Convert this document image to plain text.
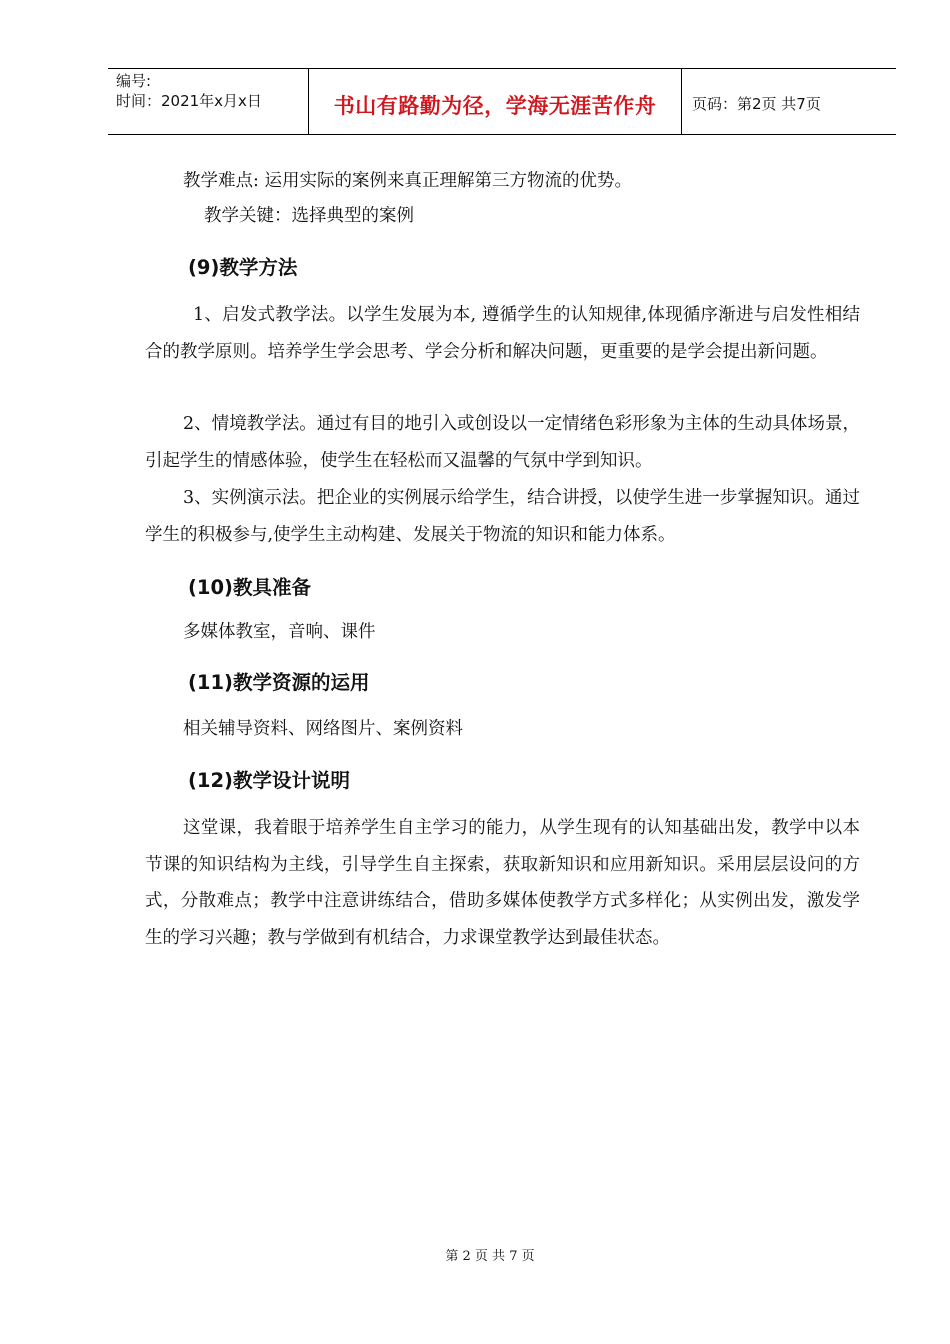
编号:
时间：2021年x月x日	书山有路勤为径，学海无涯苦作舟 页码：第2页 共7页
教学难点: 运用实际的案例来真正理解第三方物流的优势。
教学关键：选择典型的案例
(9)教学方法
1、启发式教学法。以学生发展为本, 遵循学生的认知规律,体现循序渐进与启发性相结合的教学原则。培养学生学会思考、学会分析和解决问题，更重要的是学会提出新问题。
2、情境教学法。通过有目的地引入或创设以一定情绪色彩形象为主体的生动具体场景，引起学生的情感体验，使学生在轻松而又温馨的气氛中学到知识。
3、实例演示法。把企业的实例展示给学生，结合讲授，以使学生进一步掌握知识。通过学生的积极参与,使学生主动构建、发展关于物流的知识和能力体系。
(10)教具准备
多媒体教室，音响、课件
(11)教学资源的运用
相关辅导资料、网络图片、案例资料
(12)教学设计说明
这堂课，我着眼于培养学生自主学习的能力，从学生现有的认知基础出发，教学中以本节课的知识结构为主线，引导学生自主探索，获取新知识和应用新知识。采用层层设问的方式，分散难点；教学中注意讲练结合，借助多媒体使教学方式多样化；从实例出发，激发学生的学习兴趣；教与学做到有机结合，力求课堂教学达到最佳状态。
第 2 页 共 7 页
